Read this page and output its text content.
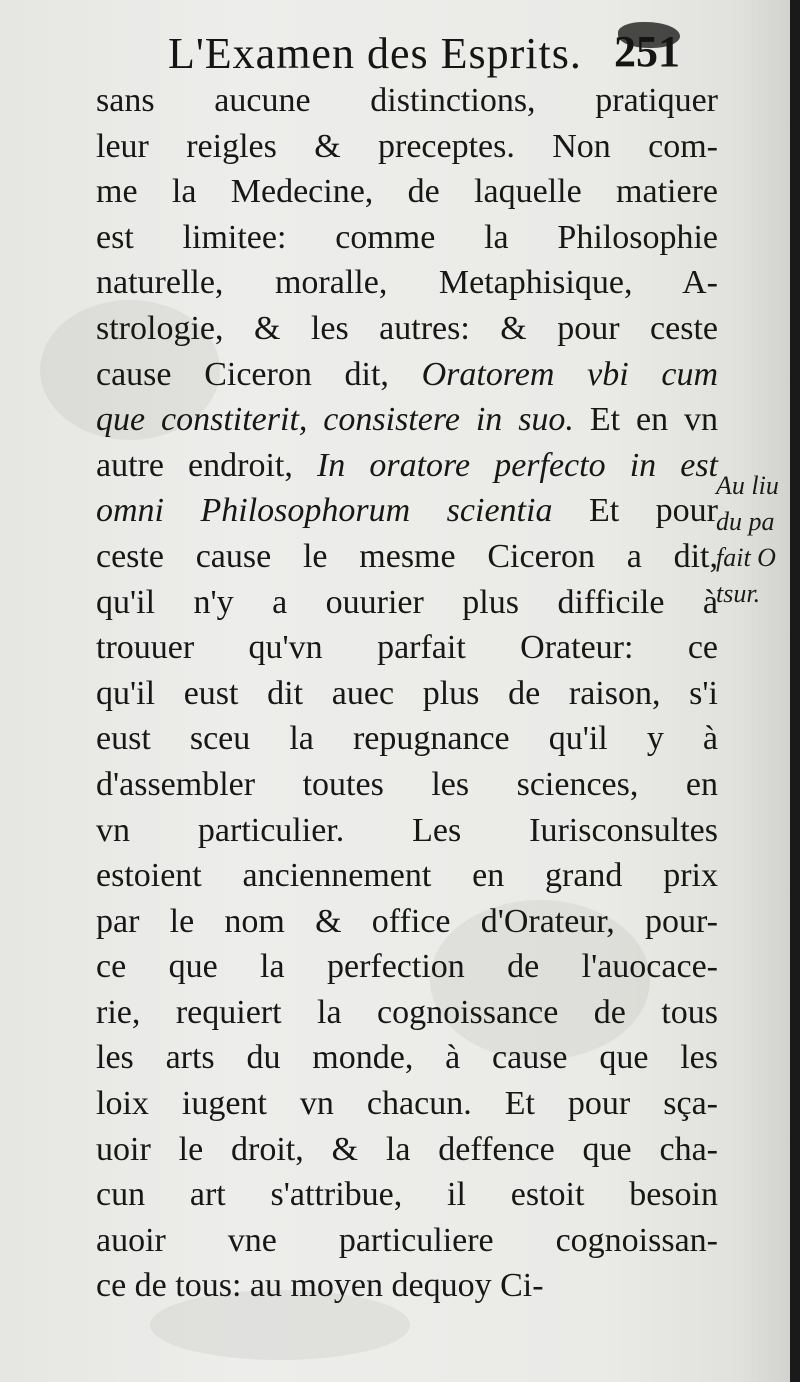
L'Examen des Esprits. 251
sans aucune distinctions, pratiquer
leur reigles & preceptes. Non com-
me la Medecine, de laquelle matiere
est limitee: comme la Philosophie
naturelle, moralle, Metaphisique, A-
strologie, & les autres: & pour ceste
cause Ciceron dit, Oratorem vbi cum
que constiterit, consistere in suo. Et en vn
autre endroit, In oratore perfecto in est
omni Philosophorum scientia Et pour
ceste cause le mesme Ciceron a dit,
qu'il n'y a ouurier plus difficile à
trouuer qu'vn parfait Orateur: ce
qu'il eust dit auec plus de raison, s'i
eust sceu la repugnance qu'il y à
d'assembler toutes les sciences, en
vn particulier. Les Iurisconsultes
estoient anciennement en grand prix
par le nom & office d'Orateur, pour-
ce que la perfection de l'auocace-
rie, requiert la cognoissance de tous
les arts du monde, à cause que les
loix iugent vn chacun. Et pour sça-
uoir le droit, & la deffence que cha-
cun art s'attribue, il estoit besoin
auoir vne particuliere cognoissan-
ce de tous: au moyen dequoy Ci-
Au liu
du pa
fait O
tsur.
